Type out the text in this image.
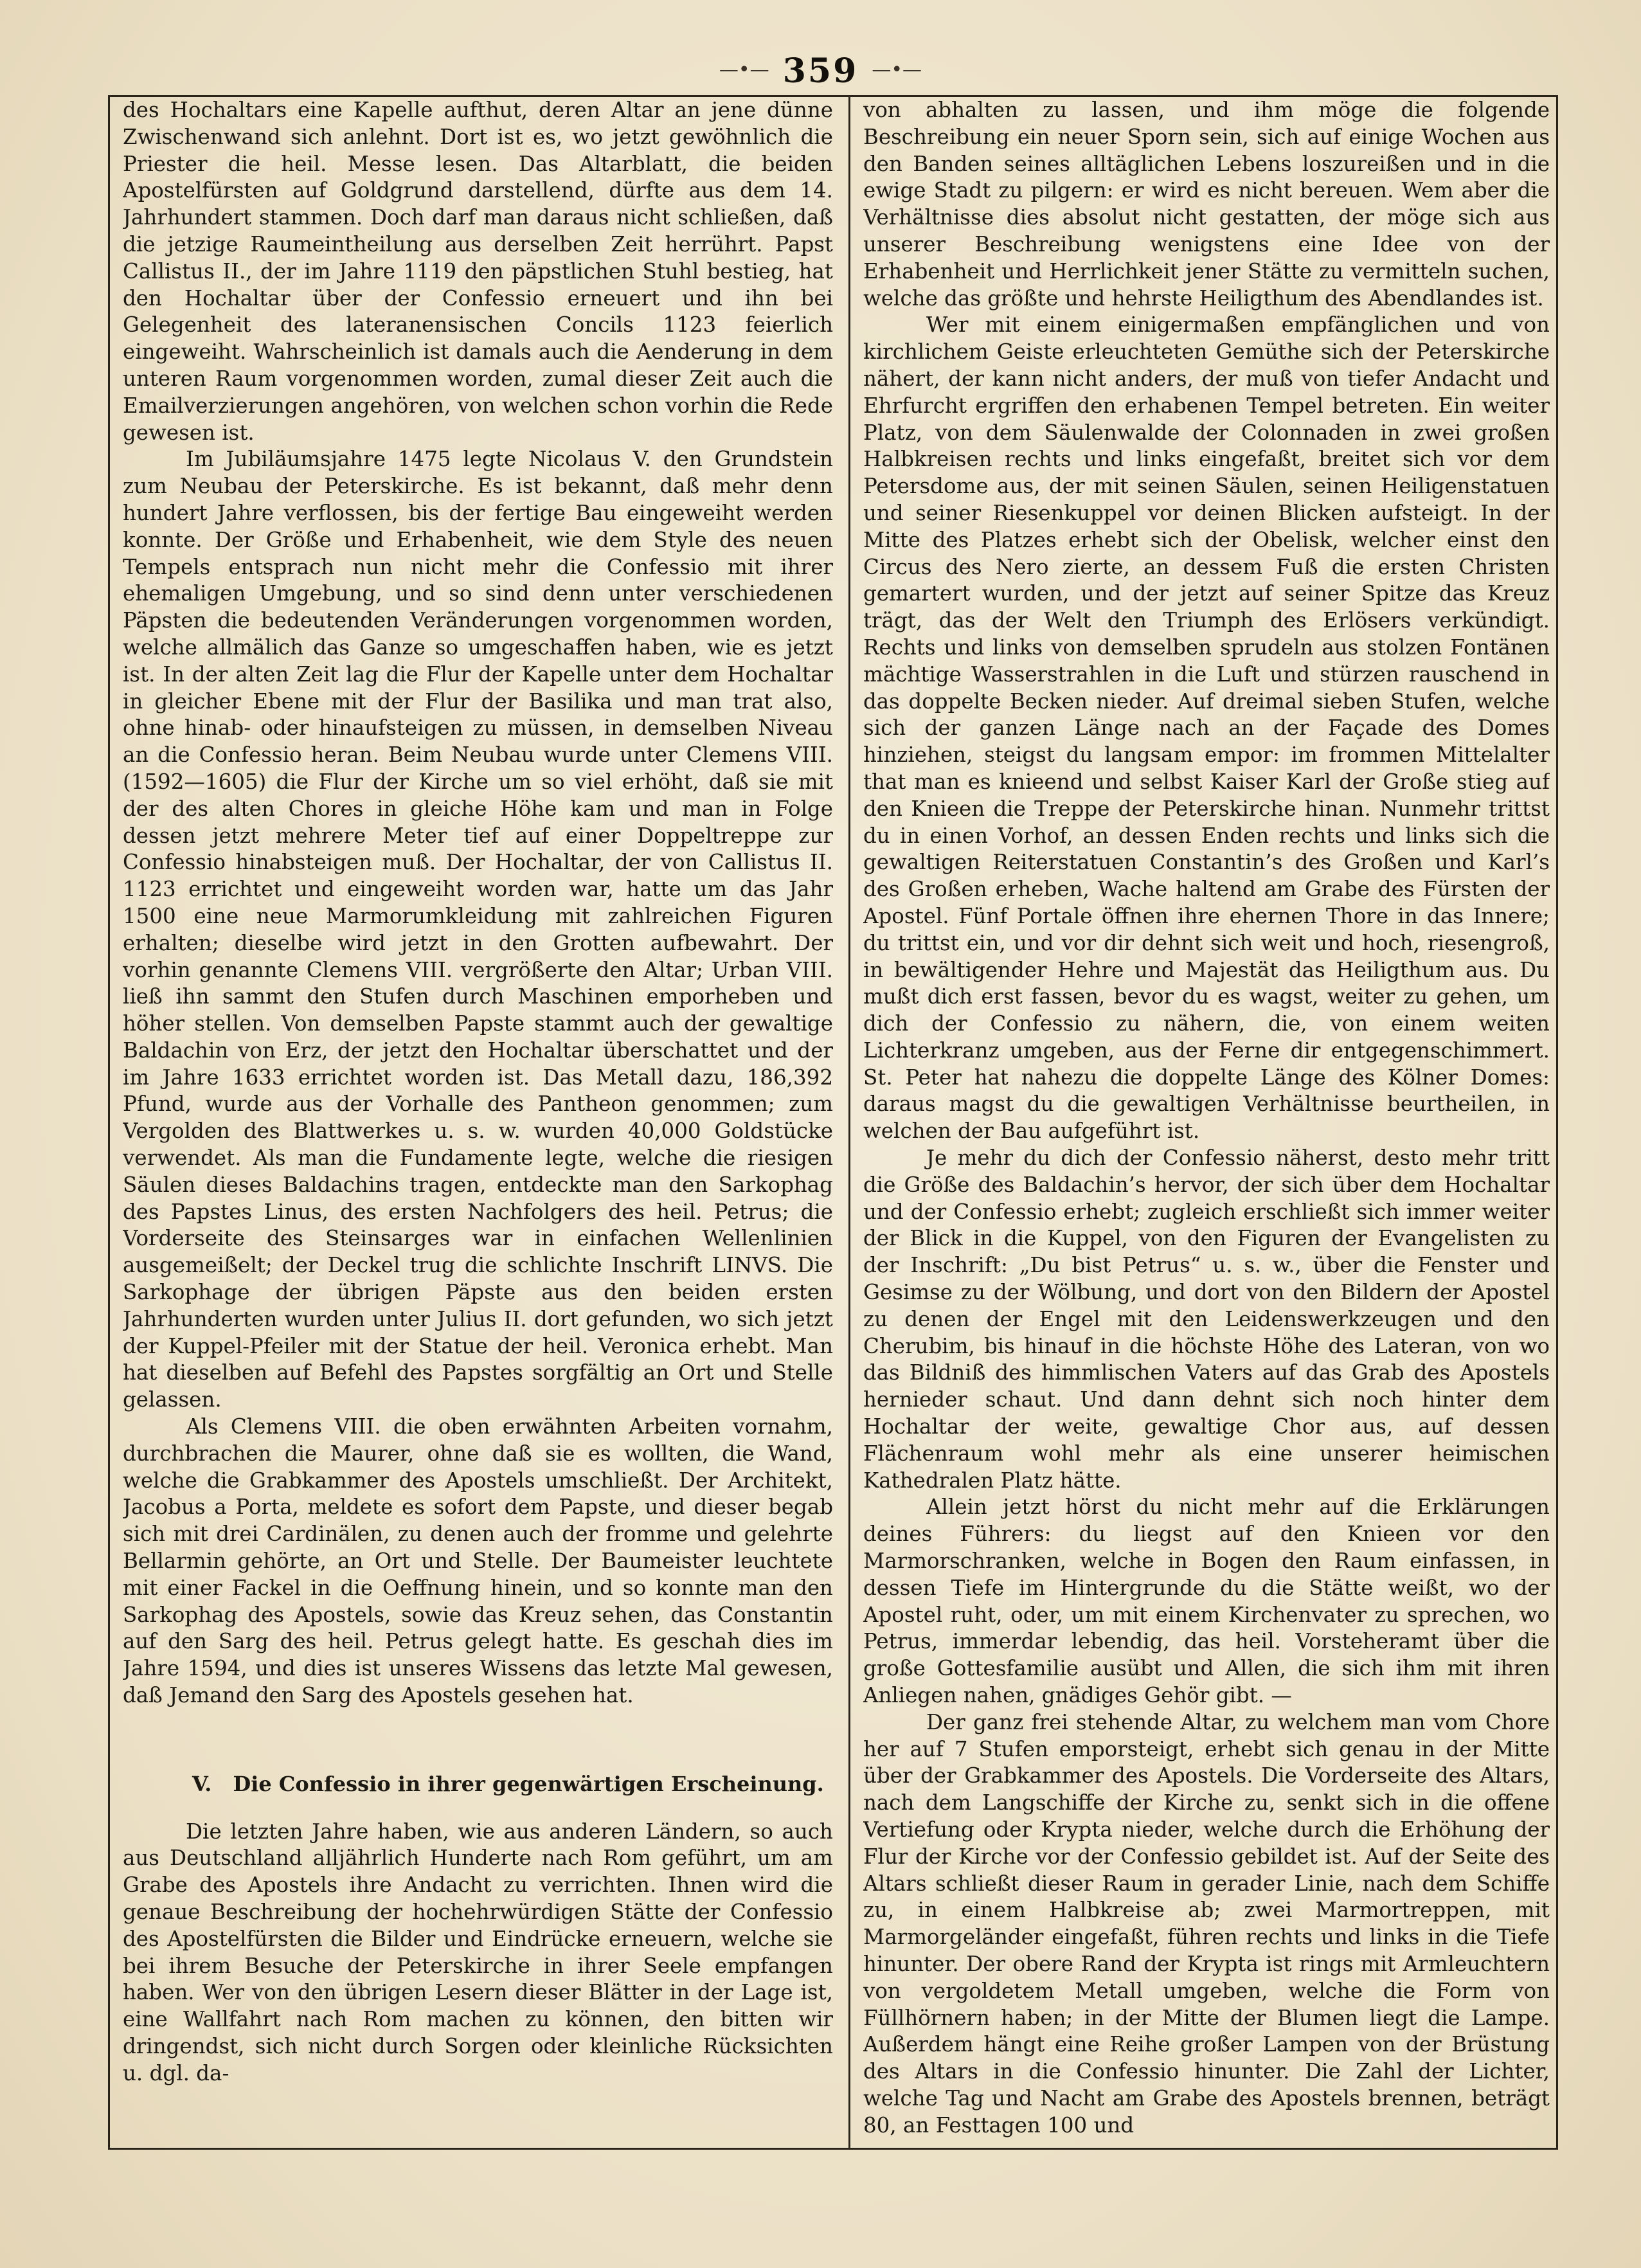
—•— 359 —•—

des Hochaltars eine Kapelle aufthut, deren Altar an jene dünne Zwischenwand sich anlehnt. Dort ist es, wo jetzt gewöhnlich die Priester die heil. Messe lesen. Das Altarblatt, die beiden Apostelfürsten auf Goldgrund darstellend, dürfte aus dem 14. Jahrhundert stammen. Doch darf man daraus nicht schließen, daß die jetzige Raumeintheilung aus derselben Zeit herrührt. Papst Callistus II., der im Jahre 1119 den päpstlichen Stuhl bestieg, hat den Hochaltar über der Confessio erneuert und ihn bei Gelegenheit des lateranensischen Concils 1123 feierlich eingeweiht. Wahrscheinlich ist damals auch die Aenderung in dem unteren Raum vorgenommen worden, zumal dieser Zeit auch die Emailverzierungen angehören, von welchen schon vorhin die Rede gewesen ist.

Im Jubiläumsjahre 1475 legte Nicolaus V. den Grundstein zum Neubau der Peterskirche. Es ist bekannt, daß mehr denn hundert Jahre verflossen, bis der fertige Bau eingeweiht werden konnte. Der Größe und Erhabenheit, wie dem Style des neuen Tempels entsprach nun nicht mehr die Confessio mit ihrer ehemaligen Umgebung, und so sind denn unter verschiedenen Päpsten die bedeutenden Veränderungen vorgenommen worden, welche allmälich das Ganze so umgeschaffen haben, wie es jetzt ist. In der alten Zeit lag die Flur der Kapelle unter dem Hochaltar in gleicher Ebene mit der Flur der Basilika und man trat also, ohne hinab- oder hinaufsteigen zu müssen, in demselben Niveau an die Confessio heran. Beim Neubau wurde unter Clemens VIII. (1592—1605) die Flur der Kirche um so viel erhöht, daß sie mit der des alten Chores in gleiche Höhe kam und man in Folge dessen jetzt mehrere Meter tief auf einer Doppeltreppe zur Confessio hinabsteigen muß. Der Hochaltar, der von Callistus II. 1123 errichtet und eingeweiht worden war, hatte um das Jahr 1500 eine neue Marmorumkleidung mit zahlreichen Figuren erhalten; dieselbe wird jetzt in den Grotten aufbewahrt. Der vorhin genannte Clemens VIII. vergrößerte den Altar; Urban VIII. ließ ihn sammt den Stufen durch Maschinen emporheben und höher stellen. Von demselben Papste stammt auch der gewaltige Baldachin von Erz, der jetzt den Hochaltar überschattet und der im Jahre 1633 errichtet worden ist. Das Metall dazu, 186,392 Pfund, wurde aus der Vorhalle des Pantheon genommen; zum Vergolden des Blattwerkes u. s. w. wurden 40,000 Goldstücke verwendet. Als man die Fundamente legte, welche die riesigen Säulen dieses Baldachins tragen, entdeckte man den Sarkophag des Papstes Linus, des ersten Nachfolgers des heil. Petrus; die Vorderseite des Steinsarges war in einfachen Wellenlinien ausgemeißelt; der Deckel trug die schlichte Inschrift LINVS. Die Sarkophage der übrigen Päpste aus den beiden ersten Jahrhunderten wurden unter Julius II. dort gefunden, wo sich jetzt der Kuppel-Pfeiler mit der Statue der heil. Veronica erhebt. Man hat dieselben auf Befehl des Papstes sorgfältig an Ort und Stelle gelassen.

Als Clemens VIII. die oben erwähnten Arbeiten vornahm, durchbrachen die Maurer, ohne daß sie es wollten, die Wand, welche die Grabkammer des Apostels umschließt. Der Architekt, Jacobus a Porta, meldete es sofort dem Papste, und dieser begab sich mit drei Cardinälen, zu denen auch der fromme und gelehrte Bellarmin gehörte, an Ort und Stelle. Der Baumeister leuchtete mit einer Fackel in die Oeffnung hinein, und so konnte man den Sarkophag des Apostels, sowie das Kreuz sehen, das Constantin auf den Sarg des heil. Petrus gelegt hatte. Es geschah dies im Jahre 1594, und dies ist unseres Wissens das letzte Mal gewesen, daß Jemand den Sarg des Apostels gesehen hat.

V. Die Confessio in ihrer gegenwärtigen Erscheinung.

Die letzten Jahre haben, wie aus anderen Ländern, so auch aus Deutschland alljährlich Hunderte nach Rom geführt, um am Grabe des Apostels ihre Andacht zu verrichten. Ihnen wird die genaue Beschreibung der hochehrwürdigen Stätte der Confessio des Apostelfürsten die Bilder und Eindrücke erneuern, welche sie bei ihrem Besuche der Peterskirche in ihrer Seele empfangen haben. Wer von den übrigen Lesern dieser Blätter in der Lage ist, eine Wallfahrt nach Rom machen zu können, den bitten wir dringendst, sich nicht durch Sorgen oder kleinliche Rücksichten u. dgl. da-

von abhalten zu lassen, und ihm möge die folgende Beschreibung ein neuer Sporn sein, sich auf einige Wochen aus den Banden seines alltäglichen Lebens loszureißen und in die ewige Stadt zu pilgern: er wird es nicht bereuen. Wem aber die Verhältnisse dies absolut nicht gestatten, der möge sich aus unserer Beschreibung wenigstens eine Idee von der Erhabenheit und Herrlichkeit jener Stätte zu vermitteln suchen, welche das größte und hehrste Heiligthum des Abendlandes ist.

Wer mit einem einigermaßen empfänglichen und von kirchlichem Geiste erleuchteten Gemüthe sich der Peterskirche nähert, der kann nicht anders, der muß von tiefer Andacht und Ehrfurcht ergriffen den erhabenen Tempel betreten. Ein weiter Platz, von dem Säulenwalde der Colonnaden in zwei großen Halbkreisen rechts und links eingefaßt, breitet sich vor dem Petersdome aus, der mit seinen Säulen, seinen Heiligenstatuen und seiner Riesenkuppel vor deinen Blicken aufsteigt. In der Mitte des Platzes erhebt sich der Obelisk, welcher einst den Circus des Nero zierte, an dessem Fuß die ersten Christen gemartert wurden, und der jetzt auf seiner Spitze das Kreuz trägt, das der Welt den Triumph des Erlösers verkündigt. Rechts und links von demselben sprudeln aus stolzen Fontänen mächtige Wasserstrahlen in die Luft und stürzen rauschend in das doppelte Becken nieder. Auf dreimal sieben Stufen, welche sich der ganzen Länge nach an der Façade des Domes hinziehen, steigst du langsam empor: im frommen Mittelalter that man es knieend und selbst Kaiser Karl der Große stieg auf den Knieen die Treppe der Peterskirche hinan. Nunmehr trittst du in einen Vorhof, an dessen Enden rechts und links sich die gewaltigen Reiterstatuen Constantin’s des Großen und Karl’s des Großen erheben, Wache haltend am Grabe des Fürsten der Apostel. Fünf Portale öffnen ihre ehernen Thore in das Innere; du trittst ein, und vor dir dehnt sich weit und hoch, riesengroß, in bewältigender Hehre und Majestät das Heiligthum aus. Du mußt dich erst fassen, bevor du es wagst, weiter zu gehen, um dich der Confessio zu nähern, die, von einem weiten Lichterkranz umgeben, aus der Ferne dir entgegenschimmert. St. Peter hat nahezu die doppelte Länge des Kölner Domes: daraus magst du die gewaltigen Verhältnisse beurtheilen, in welchen der Bau aufgeführt ist.

Je mehr du dich der Confessio näherst, desto mehr tritt die Größe des Baldachin’s hervor, der sich über dem Hochaltar und der Confessio erhebt; zugleich erschließt sich immer weiter der Blick in die Kuppel, von den Figuren der Evangelisten zu der Inschrift: „Du bist Petrus“ u. s. w., über die Fenster und Gesimse zu der Wölbung, und dort von den Bildern der Apostel zu denen der Engel mit den Leidenswerkzeugen und den Cherubim, bis hinauf in die höchste Höhe des Lateran, von wo das Bildniß des himmlischen Vaters auf das Grab des Apostels hernieder schaut. Und dann dehnt sich noch hinter dem Hochaltar der weite, gewaltige Chor aus, auf dessen Flächenraum wohl mehr als eine unserer heimischen Kathedralen Platz hätte.

Allein jetzt hörst du nicht mehr auf die Erklärungen deines Führers: du liegst auf den Knieen vor den Marmorschranken, welche in Bogen den Raum einfassen, in dessen Tiefe im Hintergrunde du die Stätte weißt, wo der Apostel ruht, oder, um mit einem Kirchenvater zu sprechen, wo Petrus, immerdar lebendig, das heil. Vorsteheramt über die große Gottesfamilie ausübt und Allen, die sich ihm mit ihren Anliegen nahen, gnädiges Gehör gibt. —

Der ganz frei stehende Altar, zu welchem man vom Chore her auf 7 Stufen emporsteigt, erhebt sich genau in der Mitte über der Grabkammer des Apostels. Die Vorderseite des Altars, nach dem Langschiffe der Kirche zu, senkt sich in die offene Vertiefung oder Krypta nieder, welche durch die Erhöhung der Flur der Kirche vor der Confessio gebildet ist. Auf der Seite des Altars schließt dieser Raum in gerader Linie, nach dem Schiffe zu, in einem Halbkreise ab; zwei Marmortreppen, mit Marmorgeländer eingefaßt, führen rechts und links in die Tiefe hinunter. Der obere Rand der Krypta ist rings mit Armleuchtern von vergoldetem Metall umgeben, welche die Form von Füllhörnern haben; in der Mitte der Blumen liegt die Lampe. Außerdem hängt eine Reihe großer Lampen von der Brüstung des Altars in die Confessio hinunter. Die Zahl der Lichter, welche Tag und Nacht am Grabe des Apostels brennen, beträgt 80, an Festtagen 100 und
